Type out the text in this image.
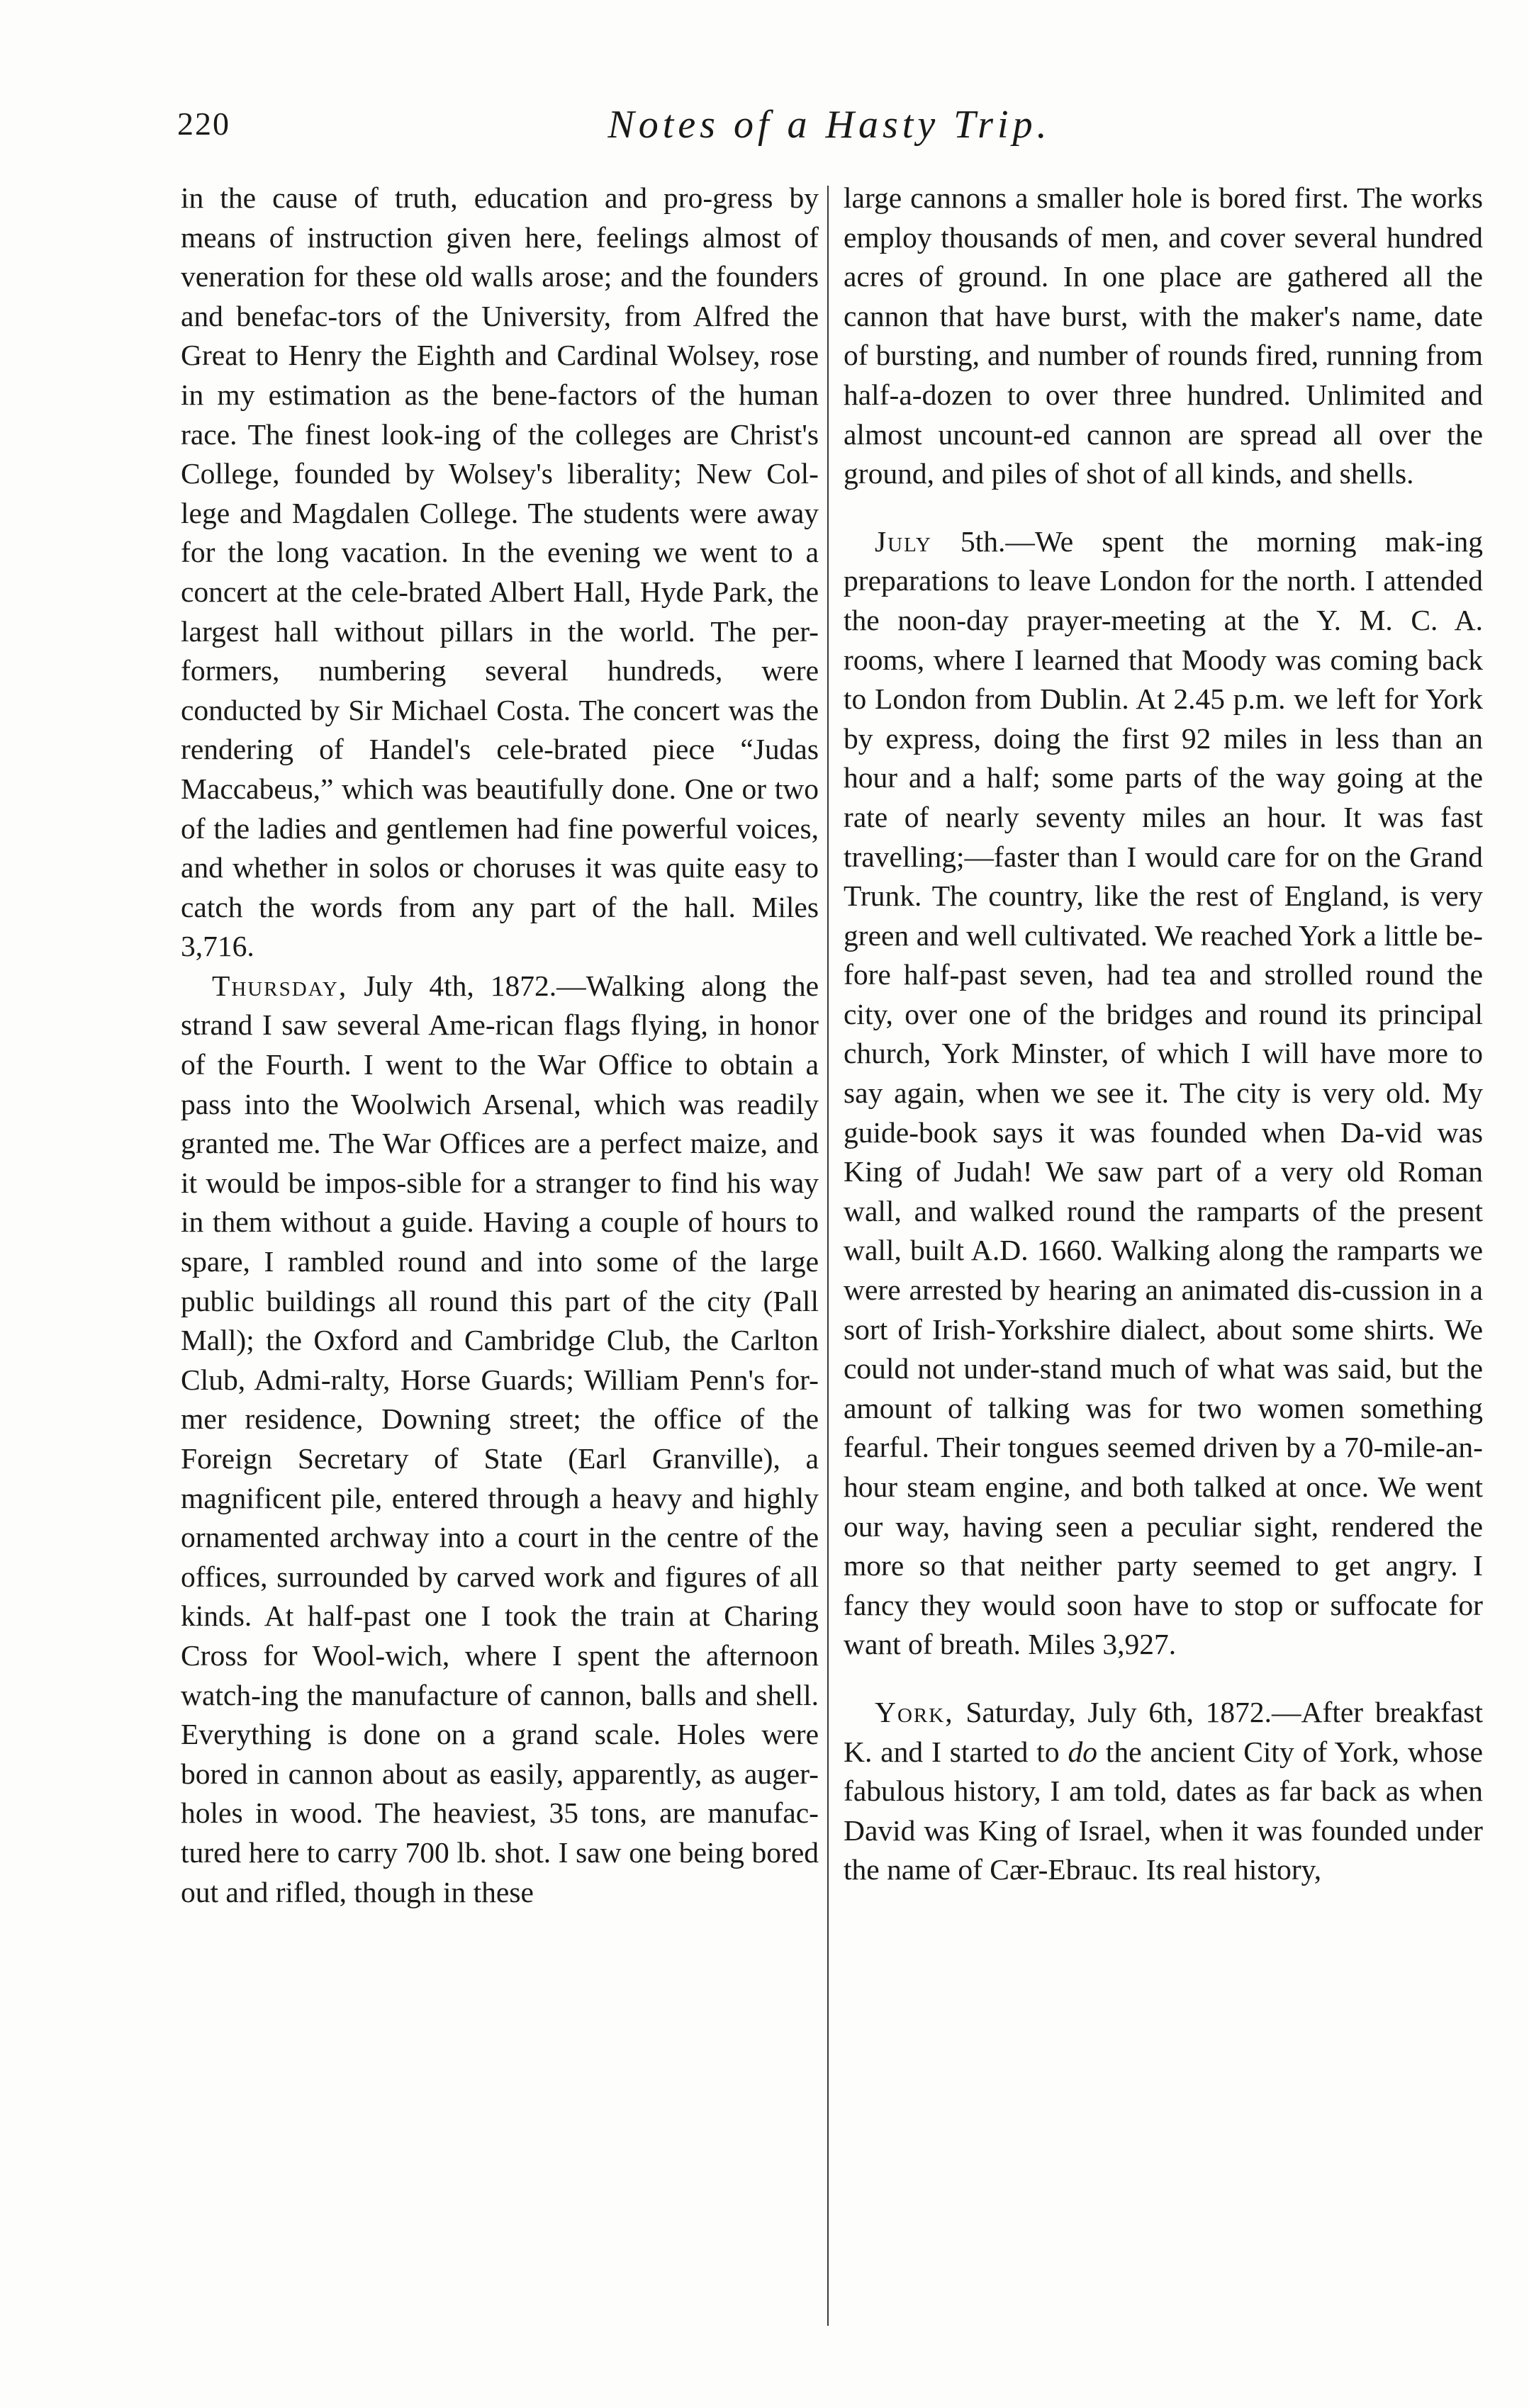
220	Notes of a Hasty Trip.

in the cause of truth, education and pro-gress by means of instruction given here, feelings almost of veneration for these old walls arose; and the founders and benefac-tors of the University, from Alfred the Great to Henry the Eighth and Cardinal Wolsey, rose in my estimation as the bene-factors of the human race. The finest look-ing of the colleges are Christ's College, founded by Wolsey's liberality; New Col-lege and Magdalen College. The students were away for the long vacation. In the evening we went to a concert at the cele-brated Albert Hall, Hyde Park, the largest hall without pillars in the world. The per-formers, numbering several hundreds, were conducted by Sir Michael Costa. The concert was the rendering of Handel's cele-brated piece “Judas Maccabeus,” which was beautifully done. One or two of the ladies and gentlemen had fine powerful voices, and whether in solos or choruses it was quite easy to catch the words from any part of the hall. Miles 3,716.

Thursday, July 4th, 1872.—Walking along the strand I saw several Ame-rican flags flying, in honor of the Fourth. I went to the War Office to obtain a pass into the Woolwich Arsenal, which was readily granted me. The War Offices are a perfect maize, and it would be impos-sible for a stranger to find his way in them without a guide. Having a couple of hours to spare, I rambled round and into some of the large public buildings all round this part of the city (Pall Mall); the Oxford and Cambridge Club, the Carlton Club, Admi-ralty, Horse Guards; William Penn's for-mer residence, Downing street; the office of the Foreign Secretary of State (Earl Granville), a magnificent pile, entered through a heavy and highly ornamented archway into a court in the centre of the offices, surrounded by carved work and figures of all kinds. At half-past one I took the train at Charing Cross for Wool-wich, where I spent the afternoon watch-ing the manufacture of cannon, balls and shell. Everything is done on a grand scale. Holes were bored in cannon about as easily, apparently, as auger-holes in wood. The heaviest, 35 tons, are manufac-tured here to carry 700 lb. shot. I saw one being bored out and rifled, though in these

large cannons a smaller hole is bored first. The works employ thousands of men, and cover several hundred acres of ground. In one place are gathered all the cannon that have burst, with the maker's name, date of bursting, and number of rounds fired, running from half-a-dozen to over three hundred. Unlimited and almost uncount-ed cannon are spread all over the ground, and piles of shot of all kinds, and shells.

July 5th.—We spent the morning mak-ing preparations to leave London for the north. I attended the noon-day prayer-meeting at the Y. M. C. A. rooms, where I learned that Moody was coming back to London from Dublin. At 2.45 p.m. we left for York by express, doing the first 92 miles in less than an hour and a half; some parts of the way going at the rate of nearly seventy miles an hour. It was fast travelling;—faster than I would care for on the Grand Trunk. The country, like the rest of England, is very green and well cultivated. We reached York a little be-fore half-past seven, had tea and strolled round the city, over one of the bridges and round its principal church, York Minster, of which I will have more to say again, when we see it. The city is very old. My guide-book says it was founded when Da-vid was King of Judah! We saw part of a very old Roman wall, and walked round the ramparts of the present wall, built A.D. 1660. Walking along the ramparts we were arrested by hearing an animated dis-cussion in a sort of Irish-Yorkshire dialect, about some shirts. We could not under-stand much of what was said, but the amount of talking was for two women something fearful. Their tongues seemed driven by a 70-mile-an-hour steam engine, and both talked at once. We went our way, having seen a peculiar sight, rendered the more so that neither party seemed to get angry. I fancy they would soon have to stop or suffocate for want of breath. Miles 3,927.

York, Saturday, July 6th, 1872.—After breakfast K. and I started to do the ancient City of York, whose fabulous history, I am told, dates as far back as when David was King of Israel, when it was founded under the name of Cær-Ebrauc. Its real history,
